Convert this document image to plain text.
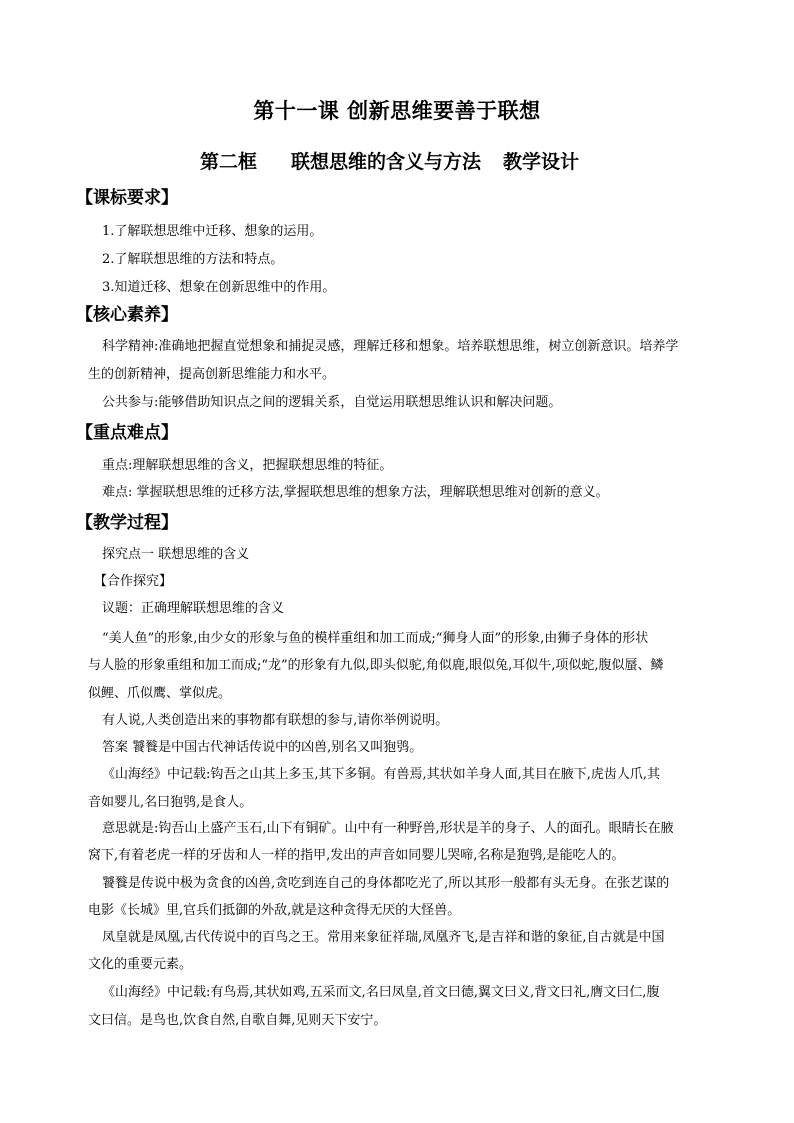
第十一课 创新思维要善于联想
第二框 联想思维的含义与方法 教学设计
【课标要求】
1.了解联想思维中迁移、想象的运用。
2.了解联想思维的方法和特点。
3.知道迁移、想象在创新思维中的作用。
【核心素养】
科学精神:准确地把握直觉想象和捕捉灵感，理解迁移和想象。培养联想思维，树立创新意识。培养学
生的创新精神，提高创新思维能力和水平。
公共参与:能够借助知识点之间的逻辑关系，自觉运用联想思维认识和解决问题。
【重点难点】
重点:理解联想思维的含义，把握联想思维的特征。
难点: 掌握联想思维的迁移方法,掌握联想思维的想象方法，理解联想思维对创新的意义。
【教学过程】
探究点一 联想思维的含义
【合作探究】
议题：正确理解联想思维的含义
“美人鱼”的形象,由少女的形象与鱼的模样重组和加工而成;“狮身人面”的形象,由狮子身体的形状
与人脸的形象重组和加工而成;“龙”的形象有九似,即头似驼,角似鹿,眼似兔,耳似牛,项似蛇,腹似蜃、鳞
似鲤、爪似鹰、掌似虎。
有人说,人类创造出来的事物都有联想的参与,请你举例说明。
答案 饕餮是中国古代神话传说中的凶兽,别名又叫狍鸮。
《山海经》中记载:钩吾之山其上多玉,其下多铜。有兽焉,其状如羊身人面,其目在腋下,虎齿人爪,其
音如婴儿,名曰狍鸮,是食人。
意思就是:钩吾山上盛产玉石,山下有铜矿。山中有一种野兽,形状是羊的身子、人的面孔。眼睛长在腋
窝下,有着老虎一样的牙齿和人一样的指甲,发出的声音如同婴儿哭啼,名称是狍鸮,是能吃人的。
饕餮是传说中极为贪食的凶兽,贪吃到连自己的身体都吃光了,所以其形一般都有头无身。在张艺谋的
电影《长城》里,官兵们抵御的外敌,就是这种贪得无厌的大怪兽。
凤皇就是凤凰,古代传说中的百鸟之王。常用来象征祥瑞,凤凰齐飞,是吉祥和谐的象征,自古就是中国
文化的重要元素。
《山海经》中记载:有鸟焉,其状如鸡,五采而文,名曰凤皇,首文曰德,翼文曰义,背文曰礼,膺文曰仁,腹
文曰信。是鸟也,饮食自然,自歌自舞,见则天下安宁。
